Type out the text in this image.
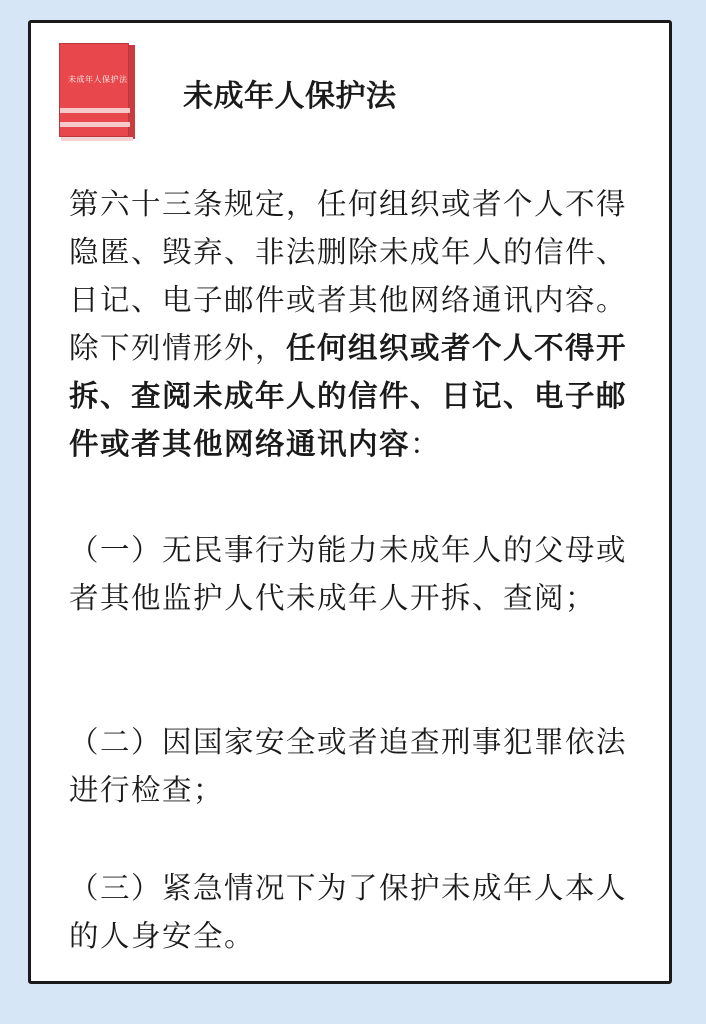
未成年人保护法 未成年人保护法

第六十三条规定，任何组织或者个人不得隐匿、毁弃、非法删除未成年人的信件、日记、电子邮件或者其他网络通讯内容。除下列情形外，任何组织或者个人不得开拆、查阅未成年人的信件、日记、电子邮件或者其他网络通讯内容：

（一）无民事行为能力未成年人的父母或者其他监护人代未成年人开拆、查阅；

（二）因国家安全或者追查刑事犯罪依法进行检查；

（三）紧急情况下为了保护未成年人本人的人身安全。
